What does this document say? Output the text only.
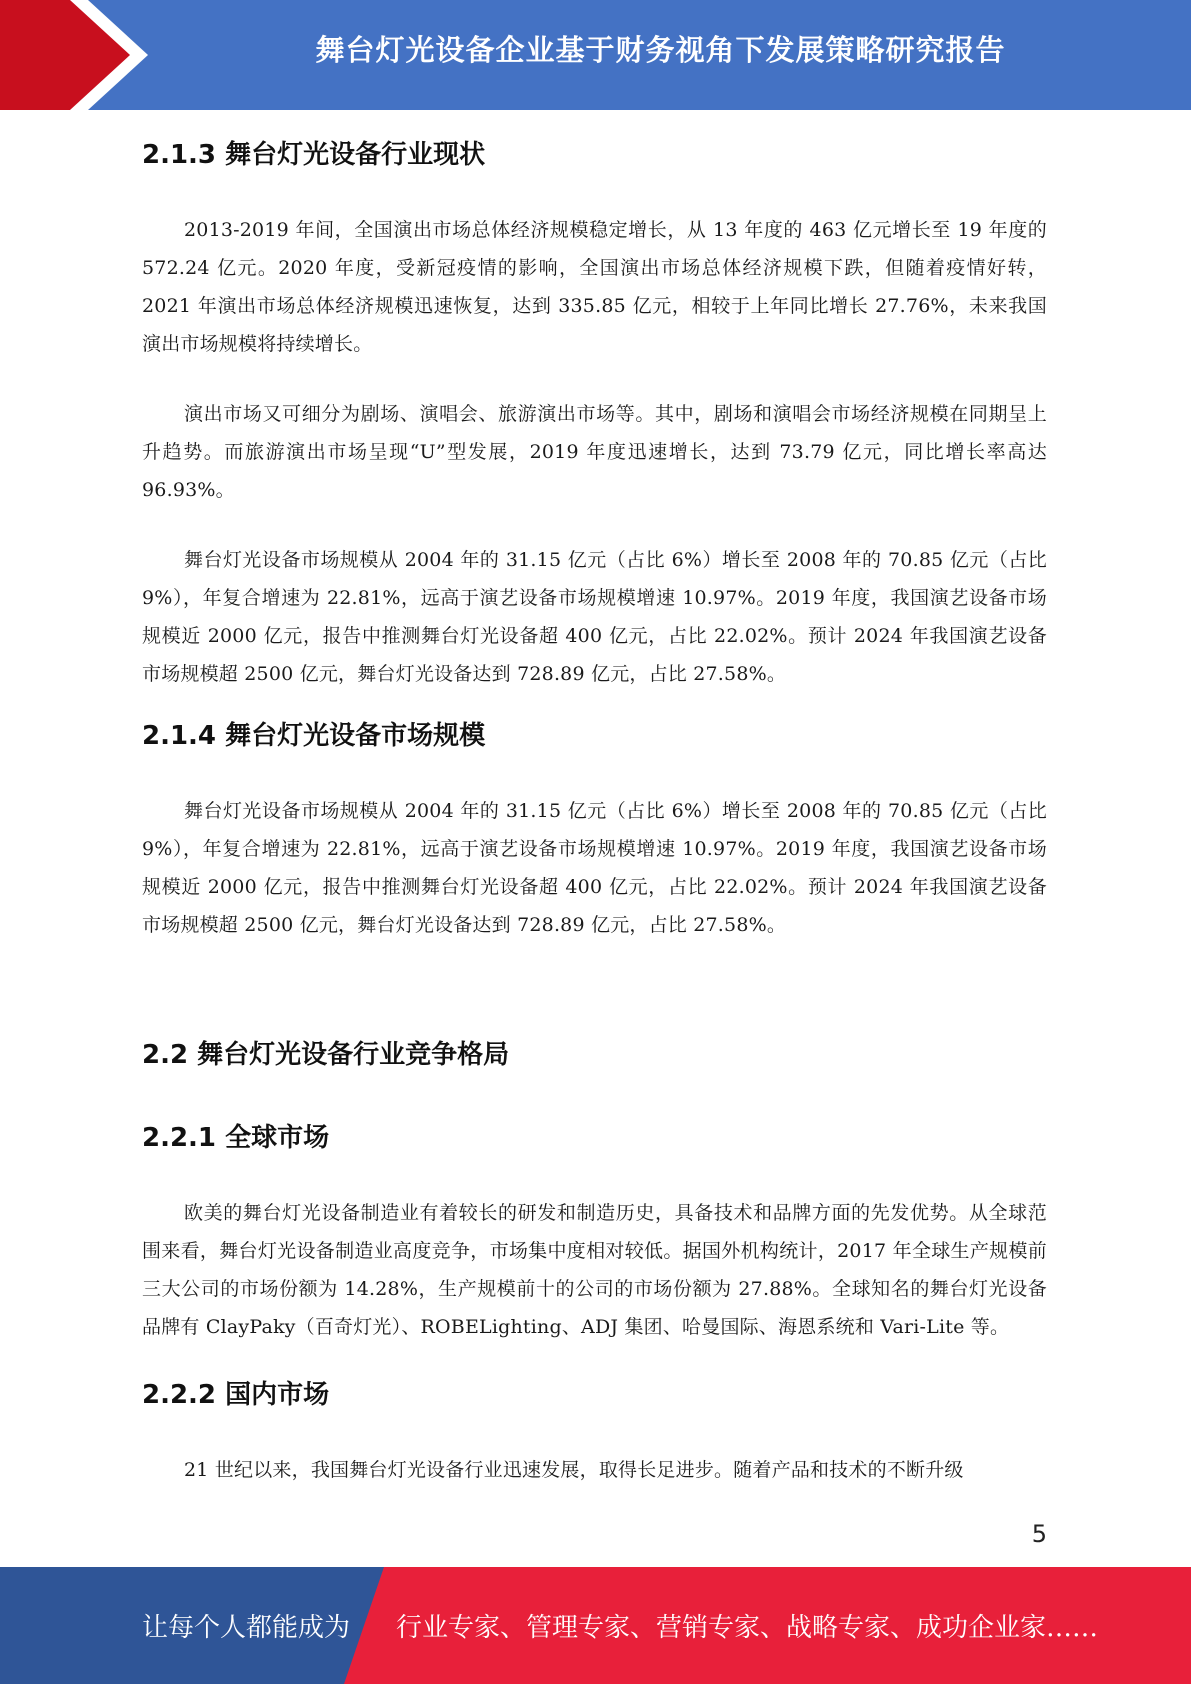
舞台灯光设备企业基于财务视角下发展策略研究报告
2.1.3 舞台灯光设备行业现状

2013-2019 年间，全国演出市场总体经济规模稳定增长，从 13 年度的 463 亿元增长至 19 年度的 572.24 亿元。2020 年度，受新冠疫情的影响，全国演出市场总体经济规模下跌，但随着疫情好转，2021 年演出市场总体经济规模迅速恢复，达到 335.85 亿元，相较于上年同比增长 27.76%，未来我国演出市场规模将持续增长。

演出市场又可细分为剧场、演唱会、旅游演出市场等。其中，剧场和演唱会市场经济规模在同期呈上升趋势。而旅游演出市场呈现“U”型发展，2019 年度迅速增长，达到 73.79 亿元，同比增长率高达 96.93%。

舞台灯光设备市场规模从 2004 年的 31.15 亿元（占比 6%）增长至 2008 年的 70.85 亿元（占比 9%），年复合增速为 22.81%，远高于演艺设备市场规模增速 10.97%。2019 年度，我国演艺设备市场规模近 2000 亿元，报告中推测舞台灯光设备超 400 亿元，占比 22.02%。预计 2024 年我国演艺设备市场规模超 2500 亿元，舞台灯光设备达到 728.89 亿元，占比 27.58%。

2.1.4 舞台灯光设备市场规模

舞台灯光设备市场规模从 2004 年的 31.15 亿元（占比 6%）增长至 2008 年的 70.85 亿元（占比 9%），年复合增速为 22.81%，远高于演艺设备市场规模增速 10.97%。2019 年度，我国演艺设备市场规模近 2000 亿元，报告中推测舞台灯光设备超 400 亿元，占比 22.02%。预计 2024 年我国演艺设备市场规模超 2500 亿元，舞台灯光设备达到 728.89 亿元，占比 27.58%。

2.2 舞台灯光设备行业竞争格局
2.2.1 全球市场

欧美的舞台灯光设备制造业有着较长的研发和制造历史，具备技术和品牌方面的先发优势。从全球范围来看，舞台灯光设备制造业高度竞争，市场集中度相对较低。据国外机构统计，2017 年全球生产规模前三大公司的市场份额为 14.28%，生产规模前十的公司的市场份额为 27.88%。全球知名的舞台灯光设备品牌有 ClayPaky（百奇灯光）、ROBELighting、ADJ 集团、哈曼国际、海恩系统和 Vari-Lite 等。

2.2.2 国内市场

21 世纪以来，我国舞台灯光设备行业迅速发展，取得长足进步。随着产品和技术的不断升级

5
让每个人都能成为 行业专家、管理专家、营销专家、战略专家、成功企业家……
